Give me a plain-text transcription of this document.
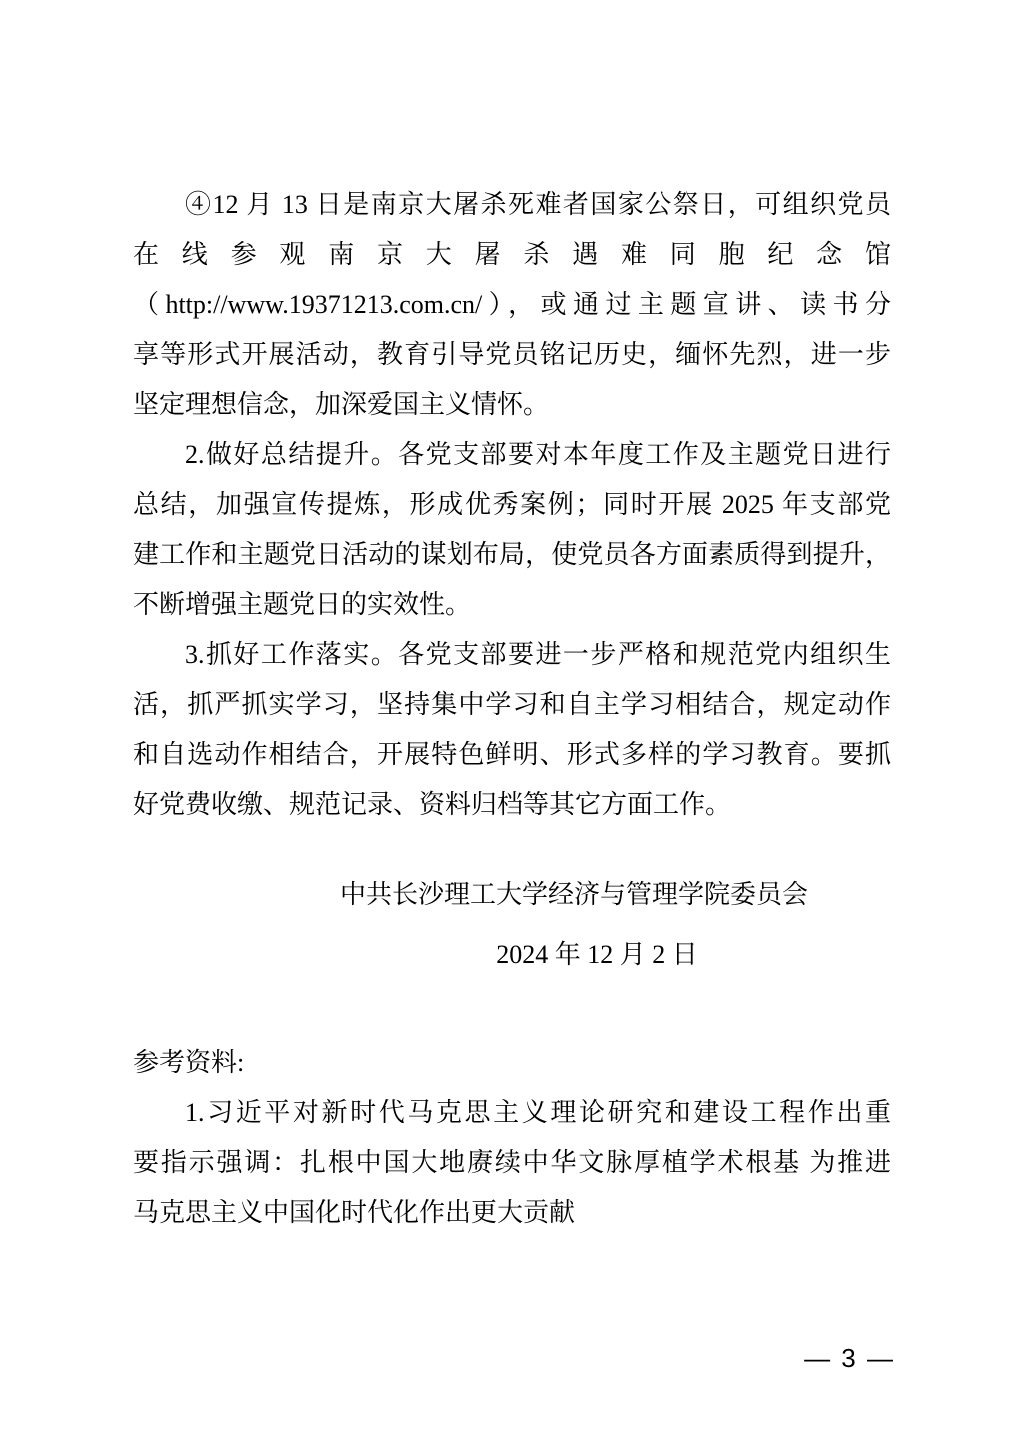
④12 月 13 日是南京大屠杀死难者国家公祭日，可组织党员
在线参观南京大屠杀遇难同胞纪念馆
（http://www.19371213.com.cn/），或通过主题宣讲、读书分
享等形式开展活动，教育引导党员铭记历史，缅怀先烈，进一步
坚定理想信念，加深爱国主义情怀。
2.做好总结提升。各党支部要对本年度工作及主题党日进行
总结，加强宣传提炼，形成优秀案例；同时开展 2025 年支部党
建工作和主题党日活动的谋划布局，使党员各方面素质得到提升，
不断增强主题党日的实效性。
3.抓好工作落实。各党支部要进一步严格和规范党内组织生
活，抓严抓实学习，坚持集中学习和自主学习相结合，规定动作
和自选动作相结合，开展特色鲜明、形式多样的学习教育。要抓
好党费收缴、规范记录、资料归档等其它方面工作。
中共长沙理工大学经济与管理学院委员会
2024 年 12 月 2 日
参考资料:
1.习近平对新时代马克思主义理论研究和建设工程作出重
要指示强调：扎根中国大地赓续中华文脉厚植学术根基 为推进
马克思主义中国化时代化作出更大贡献
— 3 —
